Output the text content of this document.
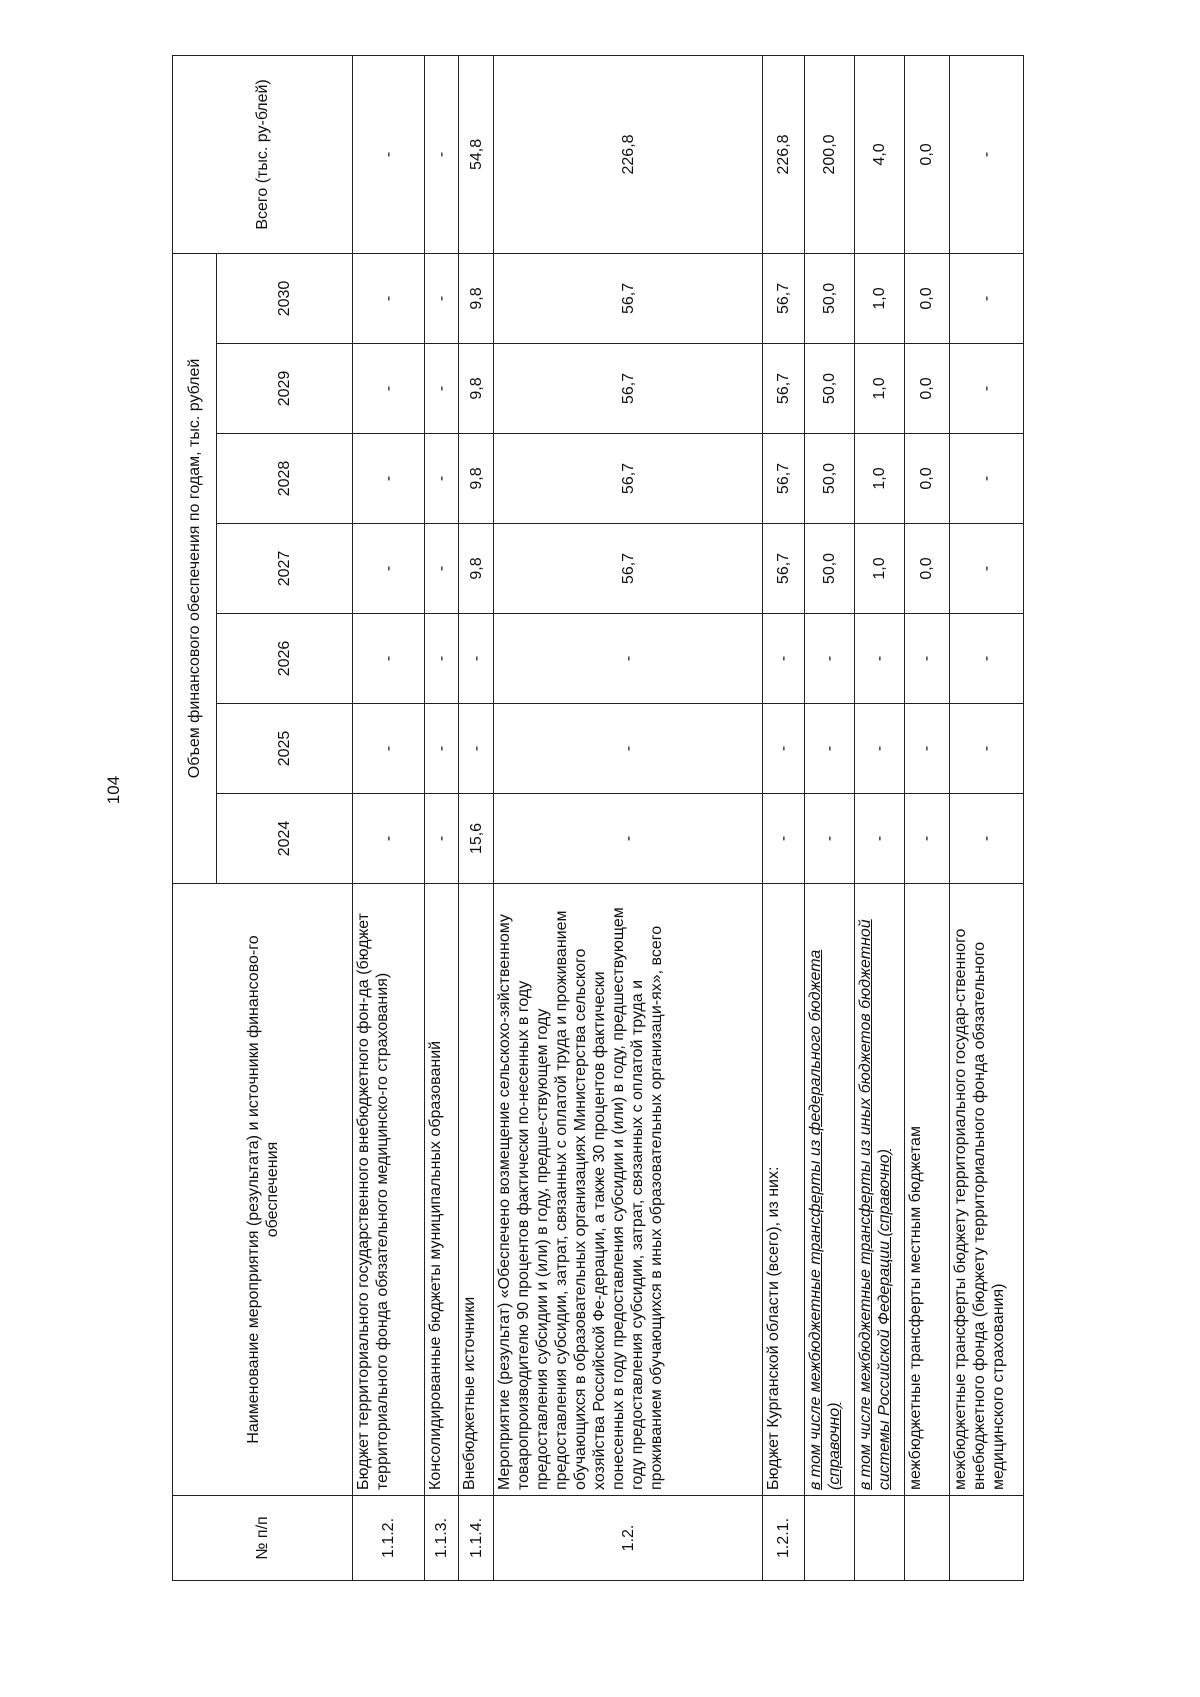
104
№ п/п	Наименование мероприятия (результата) и источники финансово-го обеспечения	Объем финансового обеспечения по годам, тыс. рублей							Всего (тыс. ру-блей)
		2024	2025	2026	2027	2028	2029	2030	
1.1.2.	Бюджет территориального государственного внебюджетного фон-да (бюджет территориального фонда обязательного медицинско-го страхования)	-	-	-	-	-	-	-	-
1.1.3.	Консолидированные бюджеты муниципальных образований	-	-	-	-	-	-	-	-
1.1.4.	Внебюджетные источники	15,6	-	-	9,8	9,8	9,8	9,8	54,8
1.2.	Мероприятие (результат) «Обеспечено возмещение сельскохо-зяйственному товаропроизводителю 90 процентов фактически по-несенных в году предоставления субсидии и (или) в году, предше-ствующем году предоставления субсидии, затрат, связанных с оплатой труда и проживанием обучающихся в образовательных организациях Министерства сельского хозяйства Российской Фе-дерации, а также 30 процентов фактически понесенных в году предоставления субсидии и (или) в году, предшествующем году предоставления субсидии, затрат, связанных с оплатой труда и проживанием обучающихся в иных образовательных организаци-ях», всего	-	-	-	56,7	56,7	56,7	56,7	226,8
1.2.1.	Бюджет Курганской области (всего), из них:	-	-	-	56,7	56,7	56,7	56,7	226,8
	в том числе межбюджетные трансферты из федерального бюджета (справочно)	-	-	-	50,0	50,0	50,0	50,0	200,0
	в том числе межбюджетные трансферты из иных бюджетов бюджетной системы Российской Федерации (справочно)	-	-	-	1,0	1,0	1,0	1,0	4,0
	межбюджетные трансферты местным бюджетам	-	-	-	0,0	0,0	0,0	0,0	0,0
	межбюджетные трансферты бюджету территориального государ-ственного внебюджетного фонда (бюджету территориального фонда обязательного медицинского страхования)	-	-	-	-	-	-	-	-
